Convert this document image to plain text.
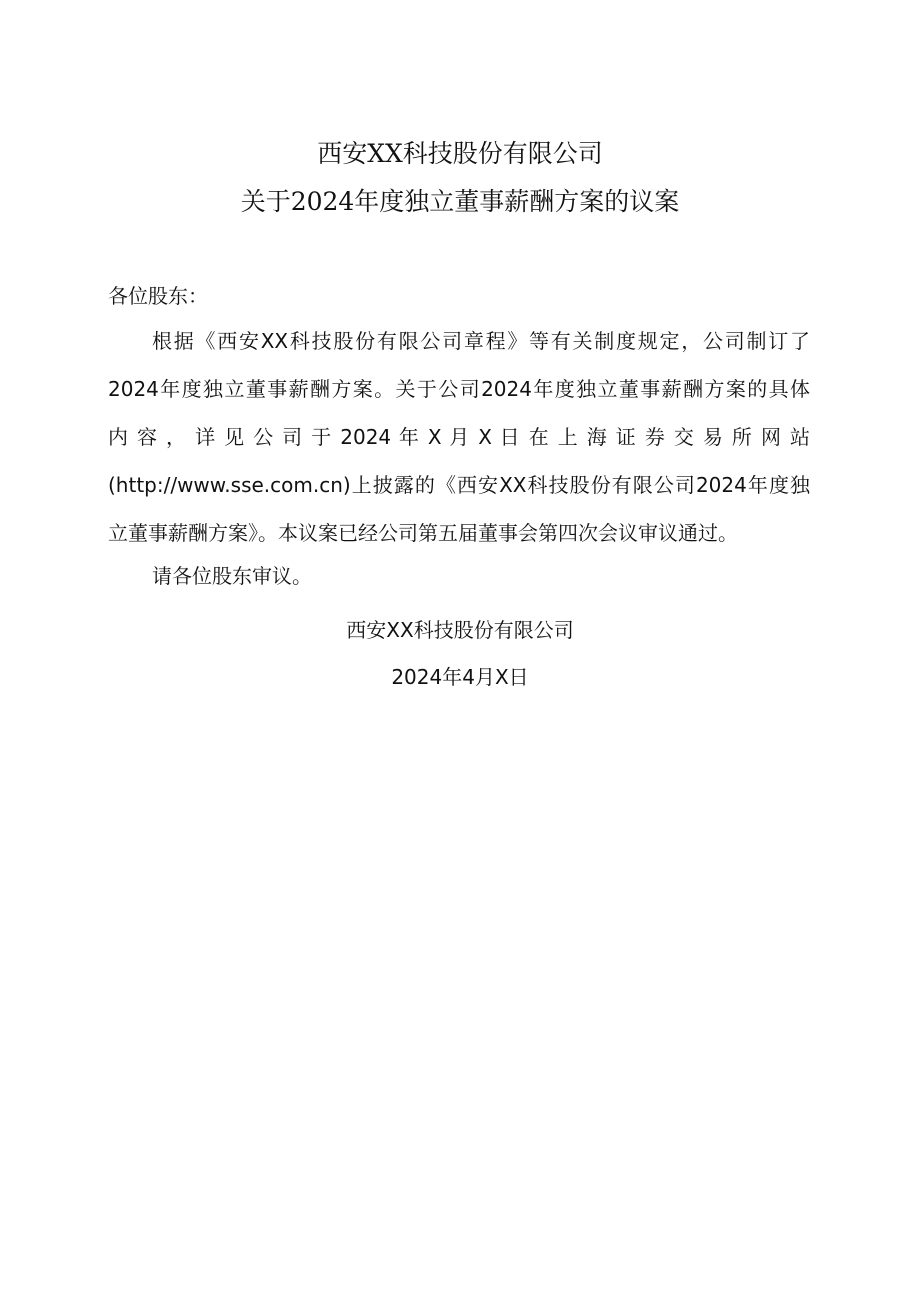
西安XX科技股份有限公司
关于2024年度独立董事薪酬方案的议案
各位股东：
根据《西安XX科技股份有限公司章程》等有关制度规定，公司制订了
2024年度独立董事薪酬方案。关于公司2024年度独立董事薪酬方案的具体
内 容 ， 详 见 公 司 于 2024 年 X 月 X 日 在 上 海 证 券 交 易 所 网 站
(http://www.sse.com.cn)上披露的《西安XX科技股份有限公司2024年度独
立董事薪酬方案》。本议案已经公司第五届董事会第四次会议审议通过。
请各位股东审议。
西安XX科技股份有限公司
2024年4月X日
